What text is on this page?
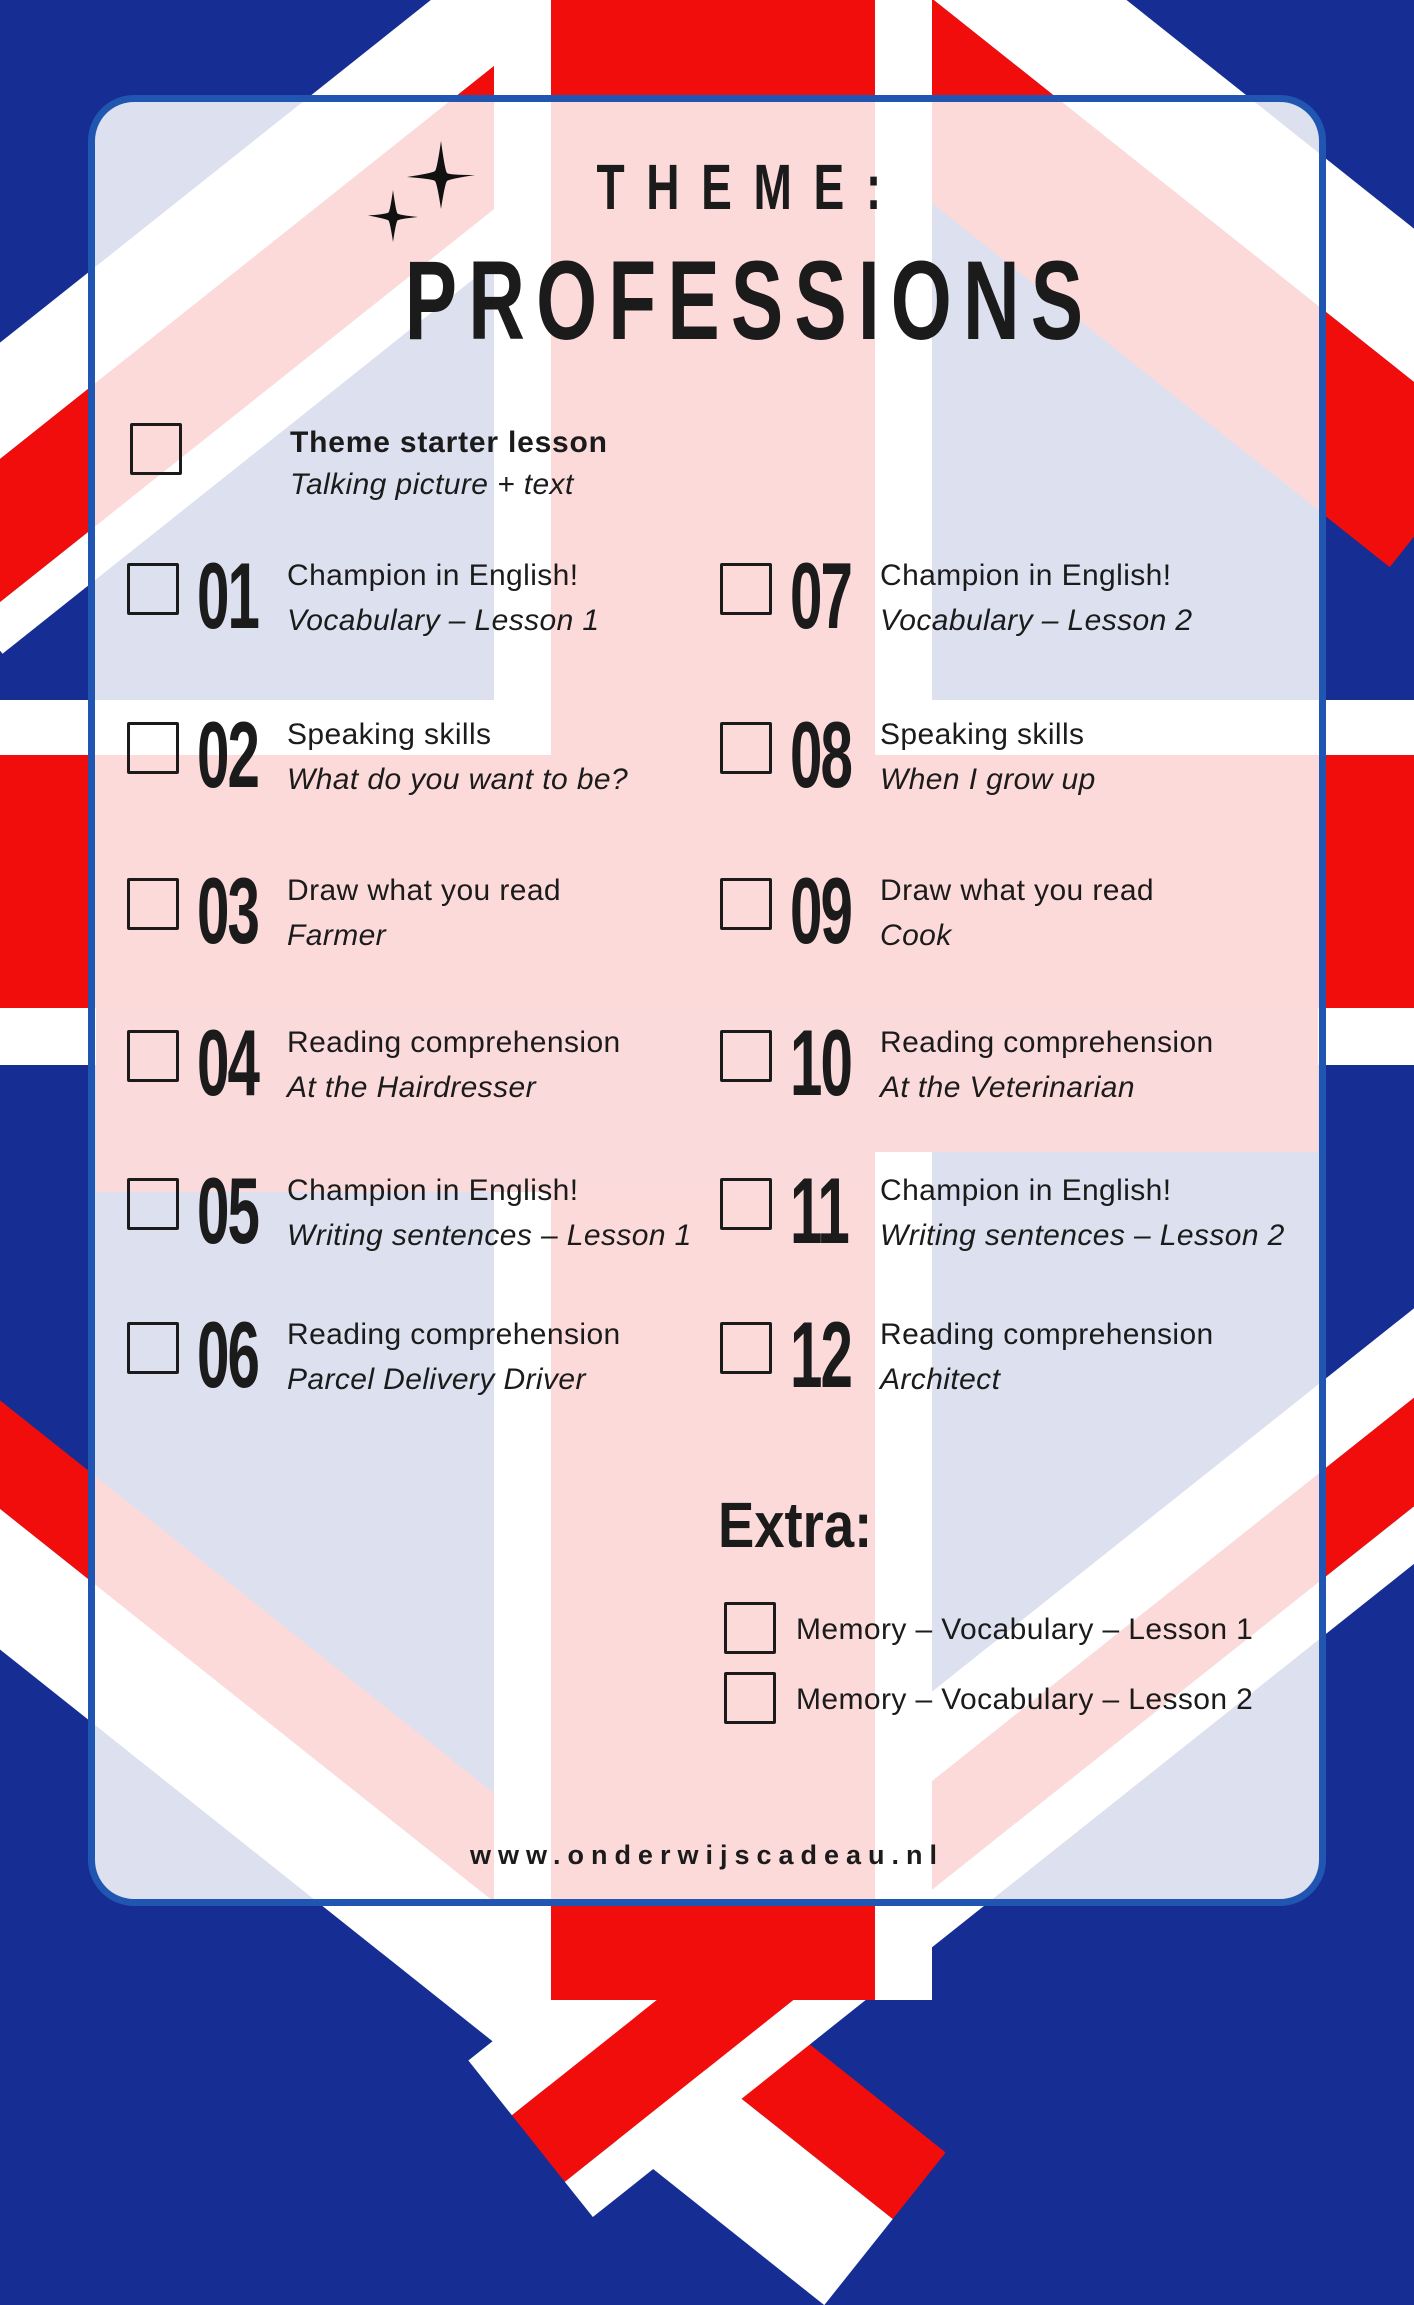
THEME:
PROFESSIONS
Theme starter lesson
Talking picture + text
01 Champion in English!
Vocabulary – Lesson 1
02 Speaking skills
What do you want to be?
03 Draw what you read
Farmer
04 Reading comprehension
At the Hairdresser
05 Champion in English!
Writing sentences – Lesson 1
06 Reading comprehension
Parcel Delivery Driver
07 Champion in English!
Vocabulary – Lesson 2
08 Speaking skills
When I grow up
09 Draw what you read
Cook
10 Reading comprehension
At the Veterinarian
11 Champion in English!
Writing sentences – Lesson 2
12 Reading comprehension
Architect
Extra:
Memory – Vocabulary – Lesson 1
Memory – Vocabulary – Lesson 2
www.onderwijscadeau.nl
